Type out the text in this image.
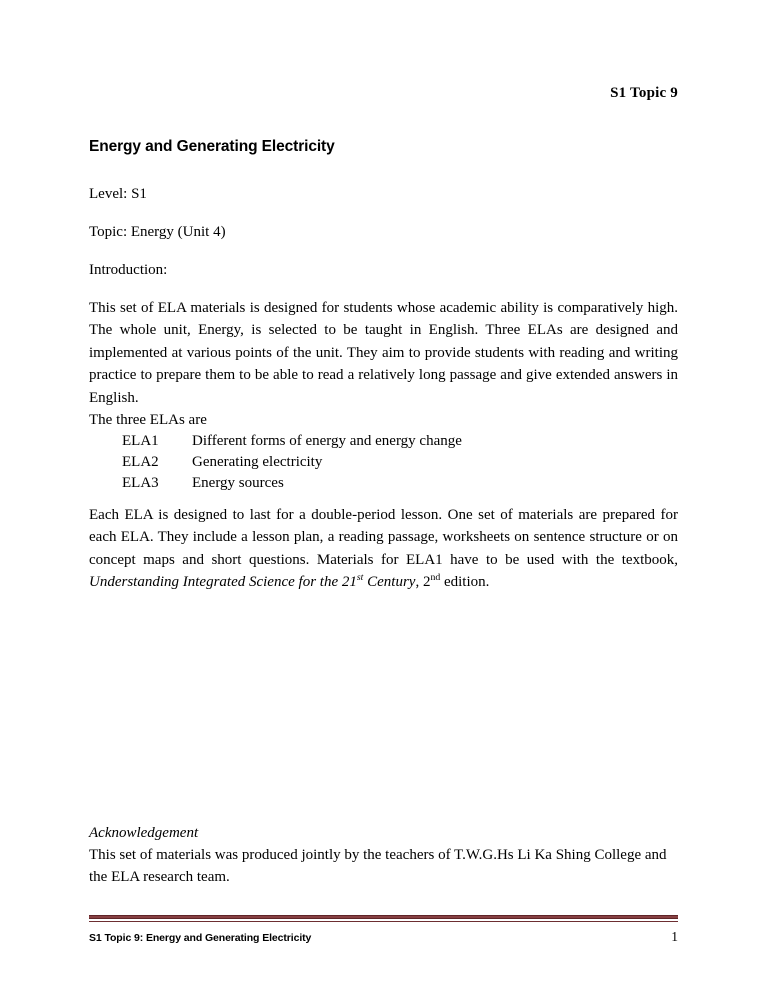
S1 Topic 9
Energy and Generating Electricity

Level: S1

Topic: Energy (Unit 4)

Introduction:

This set of ELA materials is designed for students whose academic ability is comparatively high. The whole unit, Energy, is selected to be taught in English. Three ELAs are designed and implemented at various points of the unit. They aim to provide students with reading and writing practice to prepare them to be able to read a relatively long passage and give extended answers in English.

The three ELAs are

ELA1 Different forms of energy and energy change
ELA2 Generating electricity
ELA3 Energy sources

Each ELA is designed to last for a double-period lesson. One set of materials are prepared for each ELA. They include a lesson plan, a reading passage, worksheets on sentence structure or on concept maps and short questions. Materials for ELA1 have to be used with the textbook, Understanding Integrated Science for the 21st Century, 2nd edition.

Acknowledgement

This set of materials was produced jointly by the teachers of T.W.G.Hs Li Ka Shing College and the ELA research team.

S1 Topic 9: Energy and Generating Electricity	1
